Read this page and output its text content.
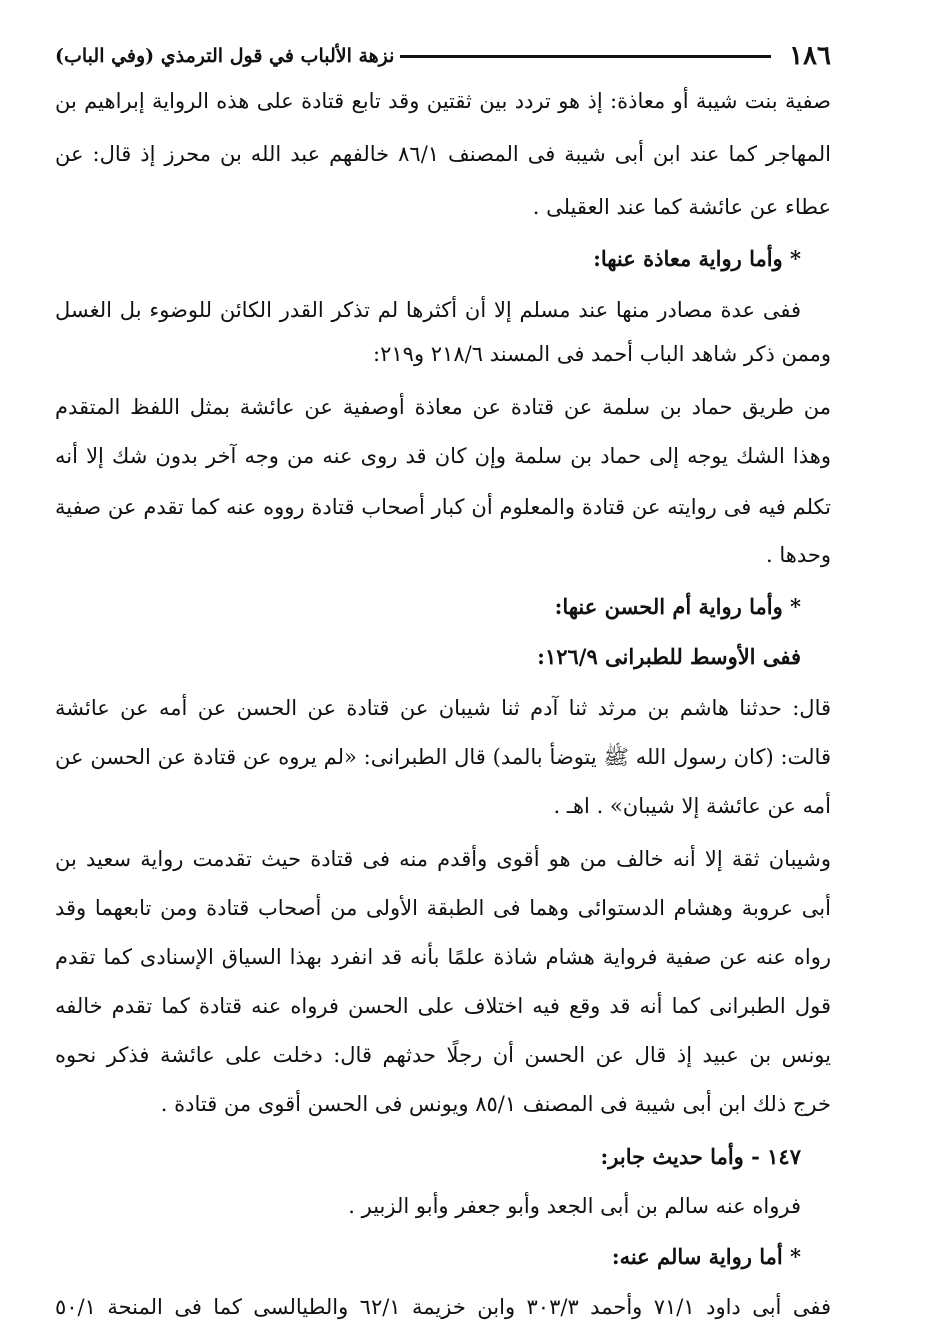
١٨٦
نزهة الألباب في قول الترمذي (وفي الباب)
صفية بنت شيبة أو معاذة: إذ هو تردد بين ثقتين وقد تابع قتادة على هذه الرواية إبراهيم بن
المهاجر كما عند ابن أبى شيبة فى المصنف ٨٦/١ خالفهم عبد الله بن محرز إذ قال: عن
عطاء عن عائشة كما عند العقيلى .
* وأما رواية معاذة عنها:
ففى عدة مصادر منها عند مسلم إلا أن أكثرها لم تذكر القدر الكائن للوضوء بل الغسل
وممن ذكر شاهد الباب أحمد فى المسند ٢١٨/٦ و٢١٩:
من طريق حماد بن سلمة عن قتادة عن معاذة أوصفية عن عائشة بمثل اللفظ المتقدم
وهذا الشك يوجه إلى حماد بن سلمة وإن كان قد روى عنه من وجه آخر بدون شك إلا أنه
تكلم فيه فى روايته عن قتادة والمعلوم أن كبار أصحاب قتادة رووه عنه كما تقدم عن صفية
وحدها .
* وأما رواية أم الحسن عنها:
ففى الأوسط للطبرانى ١٢٦/٩:
قال: حدثنا هاشم بن مرثد ثنا آدم ثنا شيبان عن قتادة عن الحسن عن أمه عن عائشة
قالت: (كان رسول الله ﷺ يتوضأ بالمد) قال الطبرانى: «لم يروه عن قتادة عن الحسن عن
أمه عن عائشة إلا شيبان» . اهـ .
وشيبان ثقة إلا أنه خالف من هو أقوى وأقدم منه فى قتادة حيث تقدمت رواية سعيد بن
أبى عروبة وهشام الدستوائى وهما فى الطبقة الأولى من أصحاب قتادة ومن تابعهما وقد
رواه عنه عن صفية فرواية هشام شاذة علمًا بأنه قد انفرد بهذا السياق الإسنادى كما تقدم
قول الطبرانى كما أنه قد وقع فيه اختلاف على الحسن فرواه عنه قتادة كما تقدم خالفه
يونس بن عبيد إذ قال عن الحسن أن رجلًا حدثهم قال: دخلت على عائشة فذكر نحوه
خرج ذلك ابن أبى شيبة فى المصنف ٨٥/١ ويونس فى الحسن أقوى من قتادة .
١٤٧ - وأما حديث جابر:
فرواه عنه سالم بن أبى الجعد وأبو جعفر وأبو الزبير .
* أما رواية سالم عنه:
ففى أبى داود ٧١/١ وأحمد ٣٠٣/٣ وابن خزيمة ٦٢/١ والطيالسى كما فى المنحة ٥٠/١
